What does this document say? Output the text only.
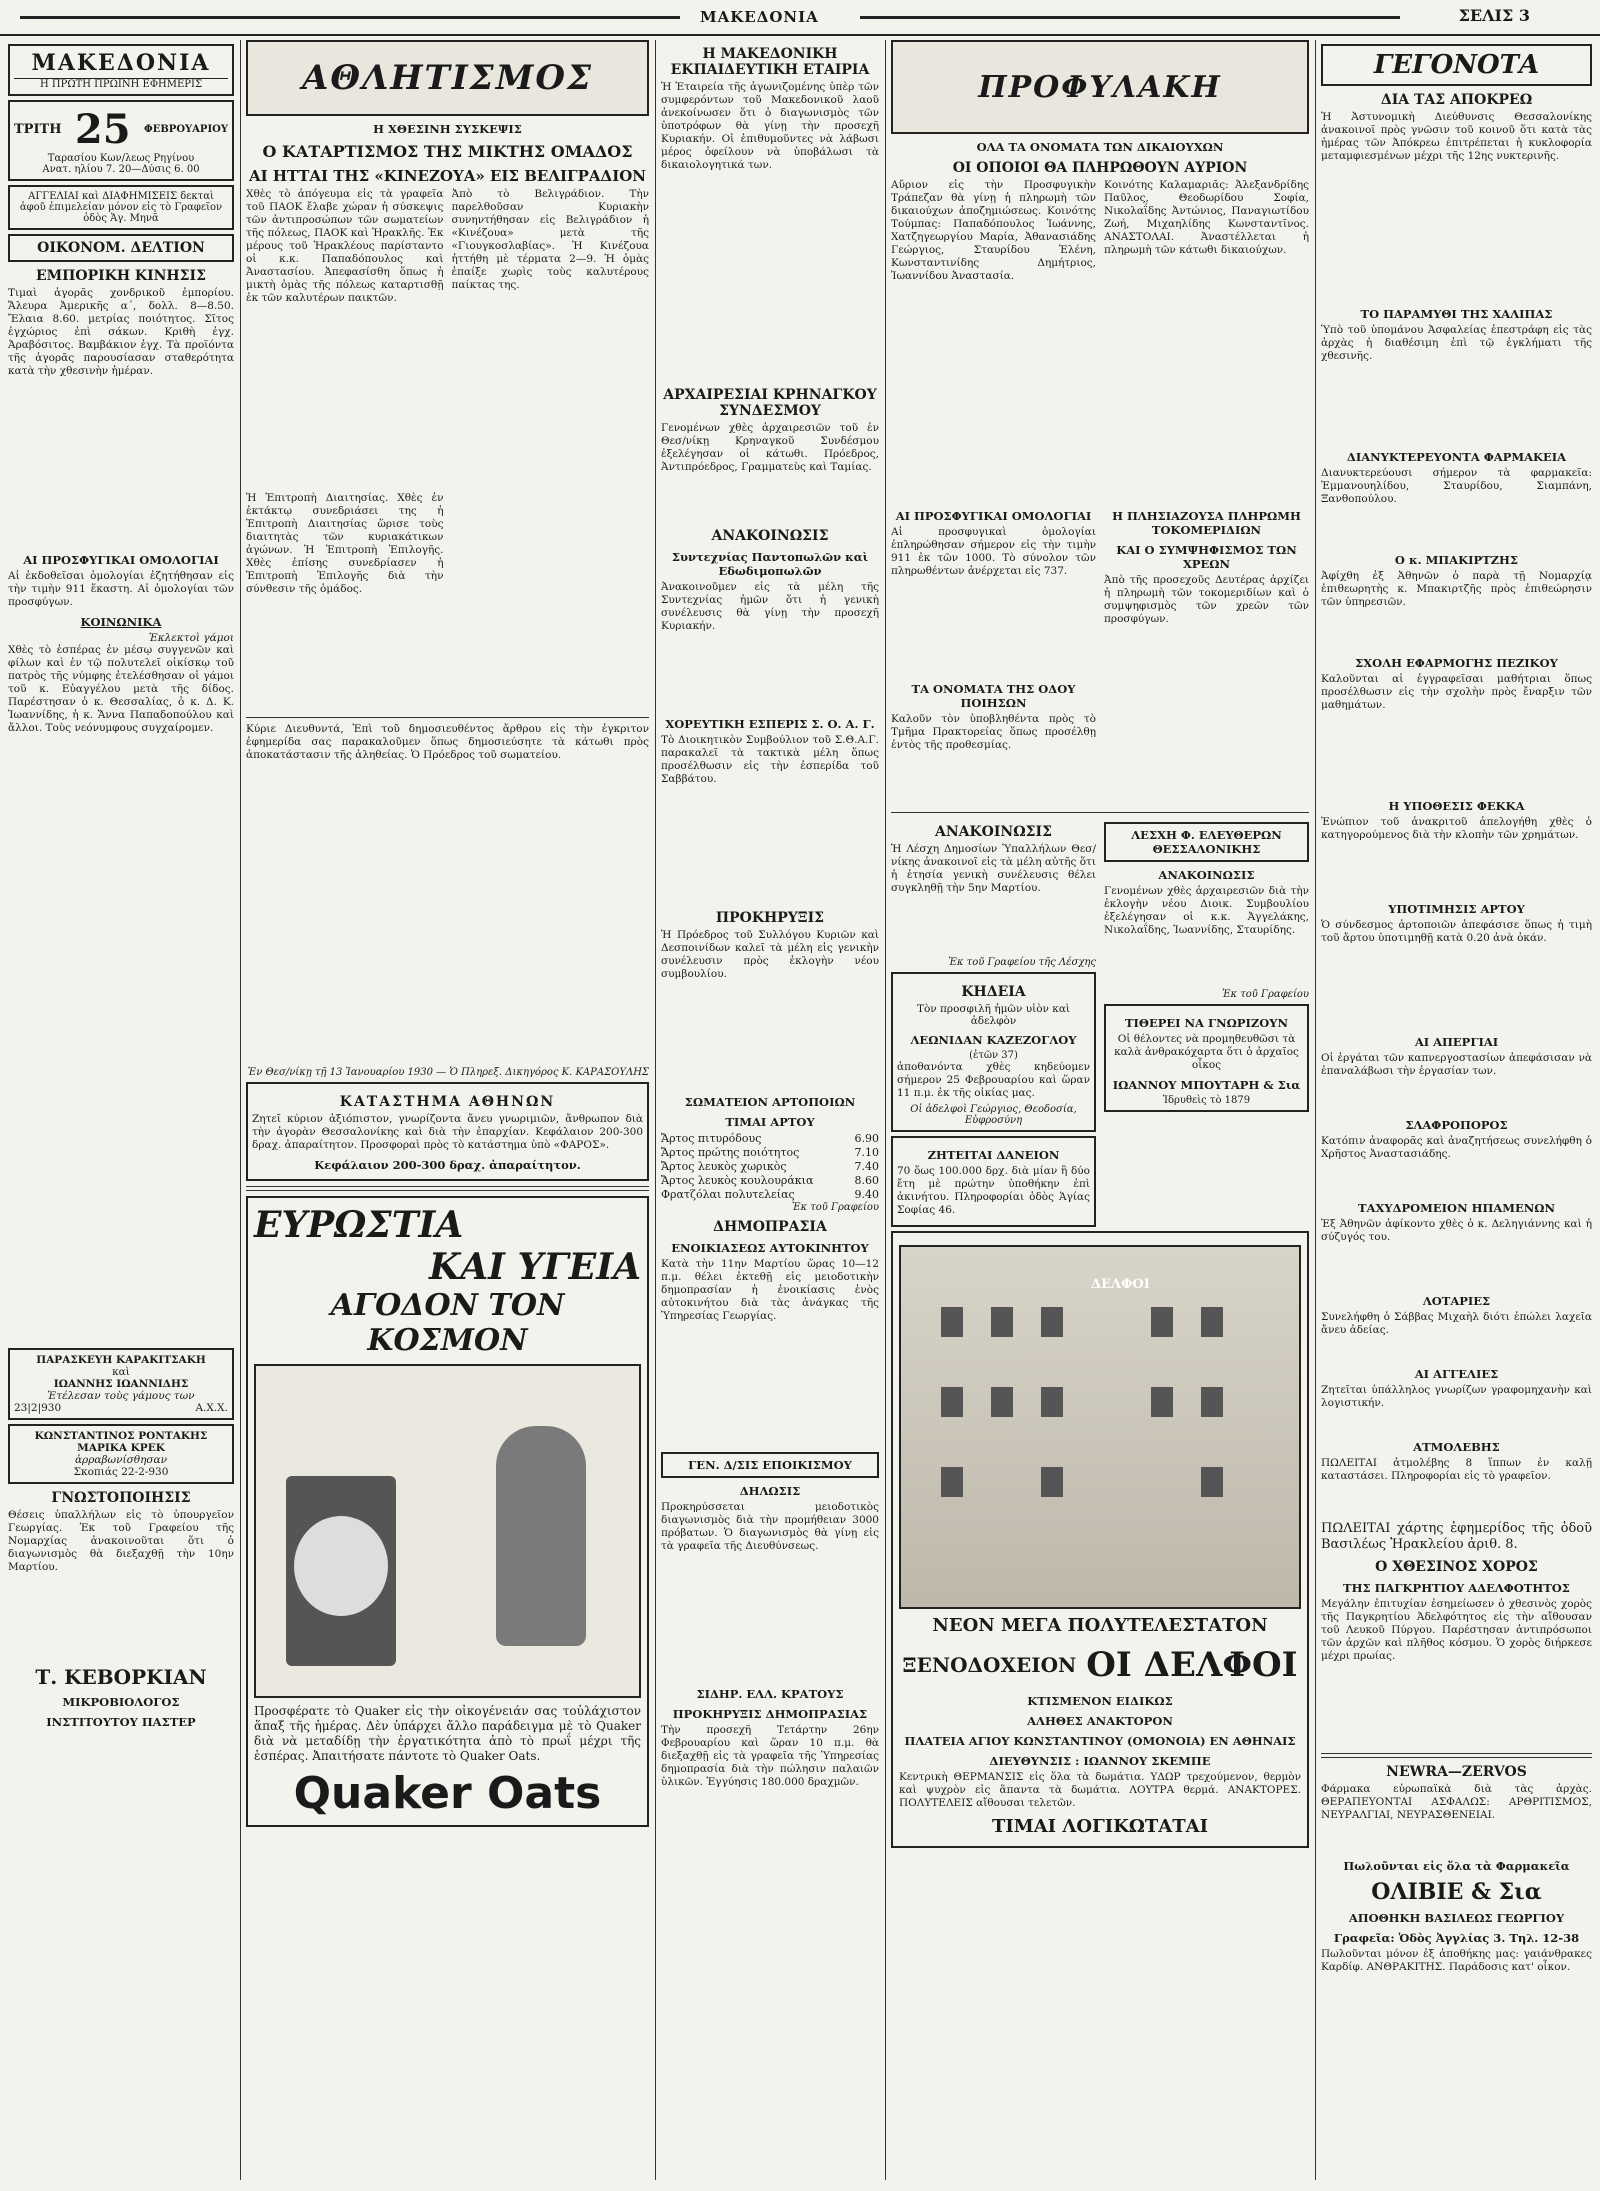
ΜΑΚΕΔΟΝΙΑ	ΣΕΛΙΣ 3
ΜΑΚΕΔΟΝΙΑ
Η ΠΡΩΤΗ ΠΡΩΙΝΗ ΕΦΗΜΕΡΙΣ
ΤΡΙΤΗ 25 ΦΕΒΡΟΥΑΡΙΟΥ
Ταρασίου Κων/λεως Ρηγίνου
Ανατ. ηλίου 7. 20—Δύσις 6. 00
ΑΓΓΕΛΙΑΙ καὶ ΔΙΑΦΗΜΙΣΕΙΣ δεκταὶ ἀφοῦ ἐπιμελείαν μόνον εἰς τὸ Γραφεῖον ὁδὸς Ἁγ. Μηνᾶ
ΟΙΚΟΝΟΜ. ΔΕΛΤΙΟΝ
ΕΜΠΟΡΙΚΗ ΚΙΝΗΣΙΣ

Τιμαὶ ἀγορᾶς χονδρικοῦ ἐμπορίου. Ἄλευρα Ἀμερικῆς α΄, δολλ. 8—8.50. Ἔλαια 8.60. μετρίας ποιότητος. Σῖτος ἐγχώριος ἐπὶ σάκων. Κριθὴ ἐγχ. Ἀραβόσιτος. Βαμβάκιον ἐγχ. Τὰ προϊόντα τῆς ἀγορᾶς παρουσίασαν σταθερότητα κατὰ τὴν χθεσινὴν ἡμέραν.

ΑΙ ΠΡΟΣΦΥΓΙΚΑΙ ΟΜΟΛΟΓΙΑΙ

Αἱ ἐκδοθεῖσαι ὁμολογίαι ἐζητήθησαν εἰς τὴν τιμὴν 911 ἕκαστη. Αἱ ὁμολογίαι τῶν προσφύγων.

ΚΟΙΝΩΝΙΚΑ
Ἐκλεκτοὶ γάμοι

Χθὲς τὸ ἑσπέρας ἐν μέσῳ συγγενῶν καὶ φίλων καὶ ἐν τῷ πολυτελεῖ οἰκίσκῳ τοῦ πατρὸς τῆς νύμφης ἐτελέσθησαν οἱ γάμοι τοῦ κ. Εὐαγγέλου μετὰ τῆς δίδος. Παρέστησαν ὁ κ. Θεσσαλίας, ὁ κ. Δ. Κ. Ἰωαννίδης, ἡ κ. Ἄννα Παπαδοπούλου καὶ ἄλλοι. Τοὺς νεόνυμφους συγχαίρομεν.

ΠΑΡΑΣΚΕΥΗ ΚΑΡΑΚΙΤΣΑΚΗ
καὶ
ΙΩΑΝΝΗΣ ΙΩΑΝΝΙΔΗΣ
Ἑτέλεσαν τοὺς γάμους των
23|2|930	Α.Χ.Χ.
ΚΩΝΣΤΑΝΤΙΝΟΣ ΡΟΝΤΑΚΗΣ
ΜΑΡΙΚΑ ΚΡΕΚ
ἀρραβωνίσθησαν
Σκοπιάς 22-2-930
ΓΝΩΣΤΟΠΟΙΗΣΙΣ

Θέσεις ὑπαλλήλων εἰς τὸ ὑπουργεῖον Γεωργίας. Ἐκ τοῦ Γραφείου τῆς Νομαρχίας ἀνακοινοῦται ὅτι ὁ διαγωνισμὸς θὰ διεξαχθῇ τὴν 10ην Μαρτίου.

Τ. ΚΕΒΟΡΚΙΑΝ
ΜΙΚΡΟΒΙΟΛΟΓΟΣ
ΙΝΣΤΙΤΟΥΤΟΥ ΠΑΣΤΕΡ
ΑΘΛΗΤΙΣΜΟΣ
Η ΧΘΕΣΙΝΗ ΣΥΣΚΕΨΙΣ
Ο ΚΑΤΑΡΤΙΣΜΟΣ ΤΗΣ ΜΙΚΤΗΣ ΟΜΑΔΟΣ
ΑΙ ΗΤΤΑΙ ΤΗΣ «ΚΙΝΕΖΟΥΑ» ΕΙΣ ΒΕΛΙΓΡΑΔΙΟΝ

Χθὲς τὸ ἀπόγευμα εἰς τὰ γραφεῖα τοῦ ΠΑΟΚ ἔλαβε χώραν ἡ σύσκεψις τῶν ἀντιπροσώπων τῶν σωματείων τῆς πόλεως, ΠΑΟΚ καὶ Ἡρακλῆς. Ἐκ μέρους τοῦ Ἡρακλέους παρίσταντο οἱ κ.κ. Παπαδόπουλος καὶ Ἀναστασίου. Ἀπεφασίσθη ὅπως ἡ μικτὴ ὁμὰς τῆς πόλεως καταρτισθῇ ἐκ τῶν καλυτέρων παικτῶν.

Ἡ Ἐπιτροπὴ Διαιτησίας. Χθὲς ἐν ἐκτάκτῳ συνεδριάσει της ἡ Ἐπιτροπὴ Διαιτησίας ὥρισε τοὺς διαιτητὰς τῶν κυριακάτικων ἀγώνων. Ἡ Ἐπιτροπὴ Ἐπιλογῆς. Χθὲς ἐπίσης συνεδρίασεν ἡ Ἐπιτροπὴ Ἐπιλογῆς διὰ τὴν σύνθεσιν τῆς ὁμάδος.

Ἀπὸ τὸ Βελιγράδιον. Τὴν παρελθοῦσαν Κυριακὴν συνηντήθησαν εἰς Βελιγράδιον ἡ «Κινέζουα» μετὰ τῆς «Γιουγκοσλαβίας». Ἡ Κινέζουα ἡττήθη μὲ τέρματα 2—9. Ἡ ὁμὰς ἐπαίξε χωρὶς τοὺς καλυτέρους παίκτας της.

Κύριε Διευθυντά, Ἐπὶ τοῦ δημοσιευθέντος ἄρθρου εἰς τὴν ἐγκριτον ἐφημερίδα σας παρακαλοῦμεν ὅπως δημοσιεύσητε τὰ κάτωθι πρὸς ἀποκατάστασιν τῆς ἀληθείας. Ὁ Πρόεδρος τοῦ σωματείου.

Ἐν Θεσ/νίκῃ τῇ 13 Ἰανουαρίου 1930 — Ὁ Πληρεξ. Δικηγόρος Κ. ΚΑΡΑΣΟΥΛΗΣ
ΚΑΤΑΣΤΗΜΑ ΑΘΗΝΩΝ

Ζητεῖ κύριον ἀξιόπιστον, γνωρίζοντα ἄνευ γνωριμιῶν, ἄνθρωπον διὰ τὴν ἀγορὰν Θεσσαλονίκης καὶ διὰ τὴν ἐπαρχίαν. Κεφάλαιον 200-300 δραχ. ἀπαραίτητον. Προσφοραὶ πρὸς τὸ κατάστημα ὑπὸ «ΦΑΡΟΣ».

Κεφάλαιον 200-300 δραχ. ἀπαραίτητον.
ΕΥΡΩΣΤΙΑ
ΚΑΙ ΥΓΕΙΑ
ΑΓΟΔΟΝ ΤΟΝ ΚΟΣΜΟΝ

Προσφέρατε τὸ Quaker εἰς τὴν οἰκογένειάν σας τοὐλάχιστον ἅπαξ τῆς ἡμέρας. Δὲν ὑπάρχει ἄλλο παράδειγμα μὲ τὸ Quaker διὰ νὰ μεταδίδῃ τὴν ἐργατικότητα ἀπὸ τὸ πρωΐ μέχρι τῆς ἑσπέρας. Ἀπαιτήσατε πάντοτε τὸ Quaker Oats.

Quaker Oats
Η ΜΑΚΕΔΟΝΙΚΗ ΕΚΠΑΙΔΕΥΤΙΚΗ ΕΤΑΙΡΙΑ

Ἡ Ἑταιρεία τῆς ἀγωνιζομένης ὑπὲρ τῶν συμφερόντων τοῦ Μακεδονικοῦ λαοῦ ἀνεκοίνωσεν ὅτι ὁ διαγωνισμὸς τῶν ὑποτρόφων θὰ γίνῃ τὴν προσεχῆ Κυριακήν. Οἱ ἐπιθυμοῦντες νὰ λάβωσι μέρος ὀφείλουν νὰ ὑποβάλωσι τὰ δικαιολογητικά των.

ΑΡΧΑΙΡΕΣΙΑΙ ΚΡΗΝΑΓΚΟΥ ΣΥΝΔΕΣΜΟΥ

Γενομένων χθὲς ἀρχαιρεσιῶν τοῦ ἐν Θεσ/νίκῃ Κρηναγκοῦ Συνδέσμου ἐξελέγησαν οἱ κάτωθι. Πρόεδρος, Ἀντιπρόεδρος, Γραμματεὺς καὶ Ταμίας.

ΑΝΑΚΟΙΝΩΣΙΣ
Συντεχνίας Παντοπωλῶν καὶ Εδωδιμοπωλῶν

Ἀνακοινοῦμεν εἰς τὰ μέλη τῆς Συντεχνίας ἡμῶν ὅτι ἡ γενικὴ συνέλευσις θὰ γίνῃ τὴν προσεχῆ Κυριακήν.

ΧΟΡΕΥΤΙΚΗ ΕΣΠΕΡΙΣ Σ. Ο. Α. Γ.

Τὸ Διοικητικὸν Συμβούλιον τοῦ Σ.Θ.Α.Γ. παρακαλεῖ τὰ τακτικὰ μέλη ὅπως προσέλθωσιν εἰς τὴν ἐσπερίδα τοῦ Σαββάτου.

ΠΡΟΚΗΡΥΞΙΣ

Ἡ Πρόεδρος τοῦ Συλλόγου Κυριῶν καὶ Δεσποινίδων καλεῖ τὰ μέλη εἰς γενικὴν συνέλευσιν πρὸς ἐκλογὴν νέου συμβουλίου.

ΣΩΜΑΤΕΙΟΝ ΑΡΤΟΠΟΙΩΝ
ΤΙΜΑΙ ΑΡΤΟΥ
Ἄρτος πιτυρόδους	6.90
Ἄρτος πρώτης ποιότητος	7.10
Ἄρτος λευκὸς χωρικὸς	7.40
Ἄρτος λευκὸς κουλουράκια	8.60
Φρατζόλαι πολυτελείας	9.40
Ἐκ τοῦ Γραφείου
ΔΗΜΟΠΡΑΣΙΑ
ΕΝΟΙΚΙΑΣΕΩΣ ΑΥΤΟΚΙΝΗΤΟΥ

Κατὰ τὴν 11ην Μαρτίου ὥρας 10—12 π.μ. θέλει ἐκτεθῇ εἰς μειοδοτικὴν δημοπρασίαν ἡ ἐνοικίασις ἑνὸς αὐτοκινήτου διὰ τὰς ἀνάγκας τῆς Ὑπηρεσίας Γεωργίας.

ΓΕΝ. Δ/ΣΙΣ ΕΠΟΙΚΙΣΜΟΥ
ΔΗΛΩΣΙΣ

Προκηρύσσεται μειοδοτικὸς διαγωνισμὸς διὰ τὴν προμήθειαν 3000 πρόβατων. Ὁ διαγωνισμὸς θὰ γίνῃ εἰς τὰ γραφεῖα τῆς Διευθύνσεως.

ΣΙΔΗΡ. ΕΛΛ. ΚΡΑΤΟΥΣ
ΠΡΟΚΗΡΥΞΙΣ ΔΗΜΟΠΡΑΣΙΑΣ

Τὴν προσεχῆ Τετάρτην 26ην Φεβρουαρίου καὶ ὥραν 10 π.μ. θὰ διεξαχθῇ εἰς τὰ γραφεῖα τῆς Ὑπηρεσίας δημοπρασία διὰ τὴν πώλησιν παλαιῶν ὑλικῶν. Ἐγγύησις 180.000 δραχμῶν.

ΠΡΟΦΥΛΑΚΗ
ΟΛΑ ΤΑ ΟΝΟΜΑΤΑ ΤΩΝ ΔΙΚΑΙΟΥΧΩΝ
ΟΙ ΟΠΟΙΟΙ ΘΑ ΠΛΗΡΩΘΟΥΝ ΑΥΡΙΟΝ

Αὔριον εἰς τὴν Προσφυγικὴν Τράπεζαν θὰ γίνῃ ἡ πληρωμὴ τῶν δικαιούχων ἀποζημιώσεως. Κοινότης Τούμπας: Παπαδόπουλος Ἰωάννης, Χατζηγεωργίου Μαρία, Ἀθανασιάδης Γεώργιος, Σταυρίδου Ἑλένη, Κωνσταντινίδης Δημήτριος, Ἰωαννίδου Ἀναστασία.

Κοινότης Καλαμαριᾶς: Ἀλεξανδρίδης Παῦλος, Θεοδωρίδου Σοφία, Νικολαΐδης Ἀντώνιος, Παναγιωτίδου Ζωή, Μιχαηλίδης Κωνσταντῖνος. ΑΝΑΣΤΟΛΑΙ. Ἀναστέλλεται ἡ πληρωμὴ τῶν κάτωθι δικαιούχων.

ΑΙ ΠΡΟΣΦΥΓΙΚΑΙ ΟΜΟΛΟΓΙΑΙ

Αἱ προσφυγικαὶ ὁμολογίαι ἐπληρώθησαν σήμερον εἰς τὴν τιμὴν 911 ἐκ τῶν 1000. Τὸ σύνολον τῶν πληρωθέντων ἀνέρχεται εἰς 737.

ΤΑ ΟΝΟΜΑΤΑ ΤΗΣ ΟΔΟΥ ΠΟΙΗΣΩΝ

Καλοῦν τὸν ὑποβληθέντα πρὸς τὸ Τμῆμα Πρακτορείας ὅπως προσέλθῃ ἐντὸς τῆς προθεσμίας.

Η ΠΛΗΣΙΑΖΟΥΣΑ ΠΛΗΡΩΜΗ ΤΟΚΟΜΕΡΙΔΙΩΝ
ΚΑΙ Ο ΣΥΜΨΗΦΙΣΜΟΣ ΤΩΝ ΧΡΕΩΝ

Ἀπὸ τῆς προσεχοῦς Δευτέρας ἀρχίζει ἡ πληρωμὴ τῶν τοκομεριδίων καὶ ὁ συμψηφισμὸς τῶν χρεῶν τῶν προσφύγων.

ΑΝΑΚΟΙΝΩΣΙΣ

Ἡ Λέσχη Δημοσίων Ὑπαλλήλων Θεσ/νίκης ἀνακοινοῖ εἰς τὰ μέλη αὐτῆς ὅτι ἡ ἐτησία γενικὴ συνέλευσις θέλει συγκληθῇ τὴν 5ην Μαρτίου.

Ἐκ τοῦ Γραφείου τῆς Λέσχης
ΚΗΔΕΙΑ
Τὸν προσφιλῆ ἡμῶν υἱὸν καὶ ἀδελφὸν
ΛΕΩΝΙΔΑΝ ΚΑΖΕΖΟΓΛΟΥ
(ἐτῶν 37)

ἀποθανόντα χθὲς κηδεύομεν σήμερον 25 Φεβρουαρίου καὶ ὥραν 11 π.μ. ἐκ τῆς οἰκίας μας.

Οἱ ἀδελφοὶ Γεώργιος, Θεοδοσία, Εὐφροσύνη
ΖΗΤΕΙΤΑΙ ΔΑΝΕΙΟΝ

70 ὅως 100.000 δρχ. διὰ μίαν ἢ δύο ἔτη μὲ πρώτην ὑποθήκην ἐπὶ ἀκινήτου. Πληροφορίαι ὁδὸς Ἁγίας Σοφίας 46.

ΛΕΣΧΗ Φ. ΕΛΕΥΘΕΡΩΝ ΘΕΣΣΑΛΟΝΙΚΗΣ
ΑΝΑΚΟΙΝΩΣΙΣ

Γενομένων χθὲς ἀρχαιρεσιῶν διὰ τὴν ἐκλογὴν νέου Διοικ. Συμβουλίου ἐξελέγησαν οἱ κ.κ. Ἀγγελάκης, Νικολαΐδης, Ἰωαννίδης, Σταυρίδης.

Ἐκ τοῦ Γραφείου
ΤΙΘΕΡΕΙ ΝΑ ΓΝΩΡΙΖΟΥΝ

Οἱ θέλοντες νὰ προμηθευθῶσι τὰ καλὰ ἀνθρακόχαρτα ὅτι ὁ ἀρχαῖος οἶκος

ΙΩΑΝΝΟΥ ΜΠΟΥΤΑΡΗ & Σια
Ἱδρυθεὶς τὸ 1879
ΔΕΛΦΟΙ
ΝΕΟΝ ΜΕΓΑ ΠΟΛΥΤΕΛΕΣΤΑΤΟΝ
ΞΕΝΟΔΟΧΕΙΟΝ ΟΙ ΔΕΛΦΟΙ
ΚΤΙΣΜΕΝΟΝ ΕΙΔΙΚΩΣ
ΑΛΗΘΕΣ ΑΝΑΚΤΟΡΟΝ
ΠΛΑΤΕΙΑ ΑΓΙΟΥ ΚΩΝΣΤΑΝΤΙΝΟΥ (ΟΜΟΝΟΙΑ) ΕΝ ΑΘΗΝΑΙΣ
ΔΙΕΥΘΥΝΣΙΣ : ΙΩΑΝΝΟΥ ΣΚΕΜΠΕ

Κεντρικὴ ΘΕΡΜΑΝΣΙΣ εἰς ὅλα τὰ δωμάτια. ΥΔΩΡ τρεχούμενον, θερμὸν καὶ ψυχρὸν εἰς ἅπαντα τὰ δωμάτια. ΛΟΥΤΡΑ θερμά. ΑΝΑΚΤΟΡΕΣ. ΠΟΛΥΤΕΛΕΙΣ αἴθουσαι τελετῶν.

ΤΙΜΑΙ ΛΟΓΙΚΩΤΑΤΑΙ
ΓΕΓΟΝΟΤΑ
ΔΙΑ ΤΑΣ ΑΠΟΚΡΕΩ

Ἡ Ἀστυνομικὴ Διεύθυνσις Θεσσαλονίκης ἀνακοινοῖ πρὸς γνῶσιν τοῦ κοινοῦ ὅτι κατὰ τὰς ἡμέρας τῶν Ἀπόκρεω ἐπιτρέπεται ἡ κυκλοφορία μεταμφιεσμένων μέχρι τῆς 12ης νυκτερινῆς.

ΤΟ ΠΑΡΑΜΥΘΙ ΤΗΣ ΧΑΛΙΠΑΣ

Ὑπὸ τοῦ ὑπομάνου Ἀσφαλείας ἐπεστράφη εἰς τὰς ἀρχὰς ἡ διαθέσιμη ἐπὶ τῷ ἐγκλήματι τῆς χθεσινῆς.

ΔΙΑΝΥΚΤΕΡΕΥΟΝΤΑ ΦΑΡΜΑΚΕΙΑ

Διανυκτερεύουσι σήμερον τὰ φαρμακεῖα: Ἐμμανουηλίδου, Σταυρίδου, Σιαμπάνη, Ξανθοπούλου.

Ο κ. ΜΠΑΚΙΡΤΖΗΣ

Ἀφίχθη ἐξ Ἀθηνῶν ὁ παρὰ τῇ Νομαρχίᾳ ἐπιθεωρητὴς κ. Μπακιρτζῆς πρὸς ἐπιθεώρησιν τῶν ὑπηρεσιῶν.

ΣΧΟΛΗ ΕΦΑΡΜΟΓΗΣ ΠΕΖΙΚΟΥ

Καλοῦνται αἱ ἐγγραφεῖσαι μαθήτριαι ὅπως προσέλθωσιν εἰς τὴν σχολὴν πρὸς ἔναρξιν τῶν μαθημάτων.

Η ΥΠΟΘΕΣΙΣ ΦΕΚΚΑ

Ἐνώπιον τοῦ ἀνακριτοῦ ἀπελογήθη χθὲς ὁ κατηγορούμενος διὰ τὴν κλοπὴν τῶν χρημάτων.

ΥΠΟΤΙΜΗΣΙΣ ΑΡΤΟΥ

Ὁ σύνδεσμος ἀρτοποιῶν ἀπεφάσισε ὅπως ἡ τιμὴ τοῦ ἄρτου ὑποτιμηθῇ κατὰ 0.20 ἀνὰ ὀκάν.

ΑΙ ΑΠΕΡΓΙΑΙ

Οἱ ἐργάται τῶν καπνεργοστασίων ἀπεφάσισαν νὰ ἐπαναλάβωσι τὴν ἐργασίαν των.

ΣΛΑΦΡΟΠΟΡΟΣ

Κατόπιν ἀναφορᾶς καὶ ἀναζητήσεως συνελήφθη ὁ Χρῆστος Ἀναστασιάδης.

ΤΑΧΥΔΡΟΜΕΙΟΝ ΗΠΑΜΕΝΩΝ

Ἐξ Ἀθηνῶν ἀφίκοντο χθὲς ὁ κ. Δεληγιάννης καὶ ἡ σύζυγός του.

ΛΟΤΑΡΙΕΣ

Συνελήφθη ὁ Σάββας Μιχαὴλ διότι ἐπώλει λαχεῖα ἄνευ ἀδείας.

ΑΙ ΑΓΓΕΛΙΕΣ

Ζητεῖται ὑπάλληλος γνωρίζων γραφομηχανὴν καὶ λογιστικήν.

ΑΤΜΟΛΕΒΗΣ

ΠΩΛΕΙΤΑΙ ἀτμολέβης 8 ἵππων ἐν καλῇ καταστάσει. Πληροφορίαι εἰς τὸ γραφεῖον.

ΠΩΛΕΙΤΑΙ χάρτης ἐφημερίδος τῆς ὁδοῦ Βασιλέως Ἡρακλείου ἀριθ. 8.

Ο ΧΘΕΣΙΝΟΣ ΧΟΡΟΣ
ΤΗΣ ΠΑΓΚΡΗΤΙΟΥ ΑΔΕΛΦΟΤΗΤΟΣ

Μεγάλην ἐπιτυχίαν ἐσημείωσεν ὁ χθεσινὸς χορὸς τῆς Παγκρητίου Ἀδελφότητος εἰς τὴν αἴθουσαν τοῦ Λευκοῦ Πύργου. Παρέστησαν ἀντιπρόσωποι τῶν ἀρχῶν καὶ πλῆθος κόσμου. Ὁ χορὸς διήρκεσε μέχρι πρωίας.

NEWRA—ZERVOS

Φάρμακα εὐρωπαϊκὰ διὰ τὰς ἀρχὰς. ΘΕΡΑΠΕΥΟΝΤΑΙ ΑΣΦΑΛΩΣ: ΑΡΘΡΙΤΙΣΜΟΣ, ΝΕΥΡΑΛΓΙΑΙ, ΝΕΥΡΑΣΘΕΝΕΙΑΙ.

Πωλοῦνται εἰς ὅλα τὰ Φαρμακεῖα
ΟΛΙΒΙΕ & Σια
ΑΠΟΘΗΚΗ ΒΑΣΙΛΕΩΣ ΓΕΩΡΓΙΟΥ
Γραφεῖα: Ὁδὸς Ἀγγλίας 3. Τηλ. 12-38

Πωλοῦνται μόνον ἐξ ἀποθήκης μας: γαιάνθρακες Καρδίφ. ΑΝΘΡΑΚΙΤΗΣ. Παράδοσις κατ' οἶκον.
